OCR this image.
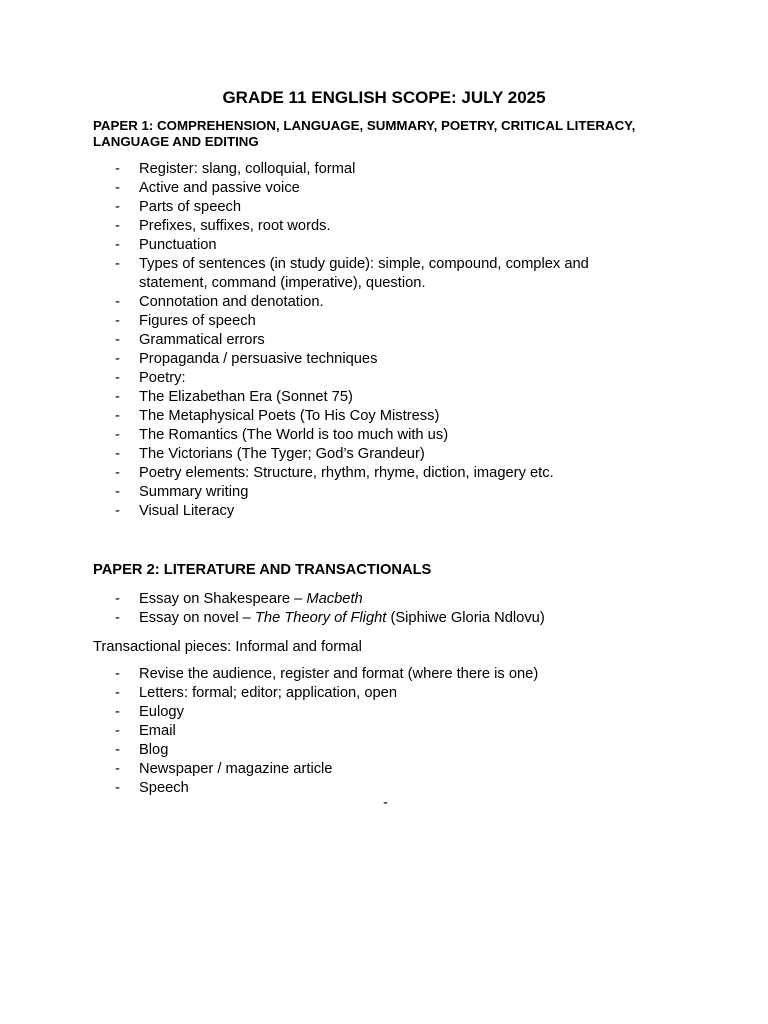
GRADE 11 ENGLISH SCOPE: JULY 2025

PAPER 1: COMPREHENSION, LANGUAGE, SUMMARY, POETRY, CRITICAL LITERACY, LANGUAGE AND EDITING

- Register: slang, colloquial, formal
- Active and passive voice
- Parts of speech
- Prefixes, suffixes, root words.
- Punctuation
- Types of sentences (in study guide): simple, compound, complex and statement, command (imperative), question.
- Connotation and denotation.
- Figures of speech
- Grammatical errors
- Propaganda / persuasive techniques
- Poetry:
- The Elizabethan Era (Sonnet 75)
- The Metaphysical Poets (To His Coy Mistress)
- The Romantics (The World is too much with us)
- The Victorians (The Tyger; God’s Grandeur)
- Poetry elements: Structure, rhythm, rhyme, diction, imagery etc.
- Summary writing
- Visual Literacy

PAPER 2: LITERATURE AND TRANSACTIONALS

- Essay on Shakespeare – Macbeth
- Essay on novel – The Theory of Flight (Siphiwe Gloria Ndlovu)

Transactional pieces: Informal and formal

- Revise the audience, register and format (where there is one)
- Letters: formal; editor; application, open
- Eulogy
- Email
- Blog
- Newspaper / magazine article
- Speech
-
